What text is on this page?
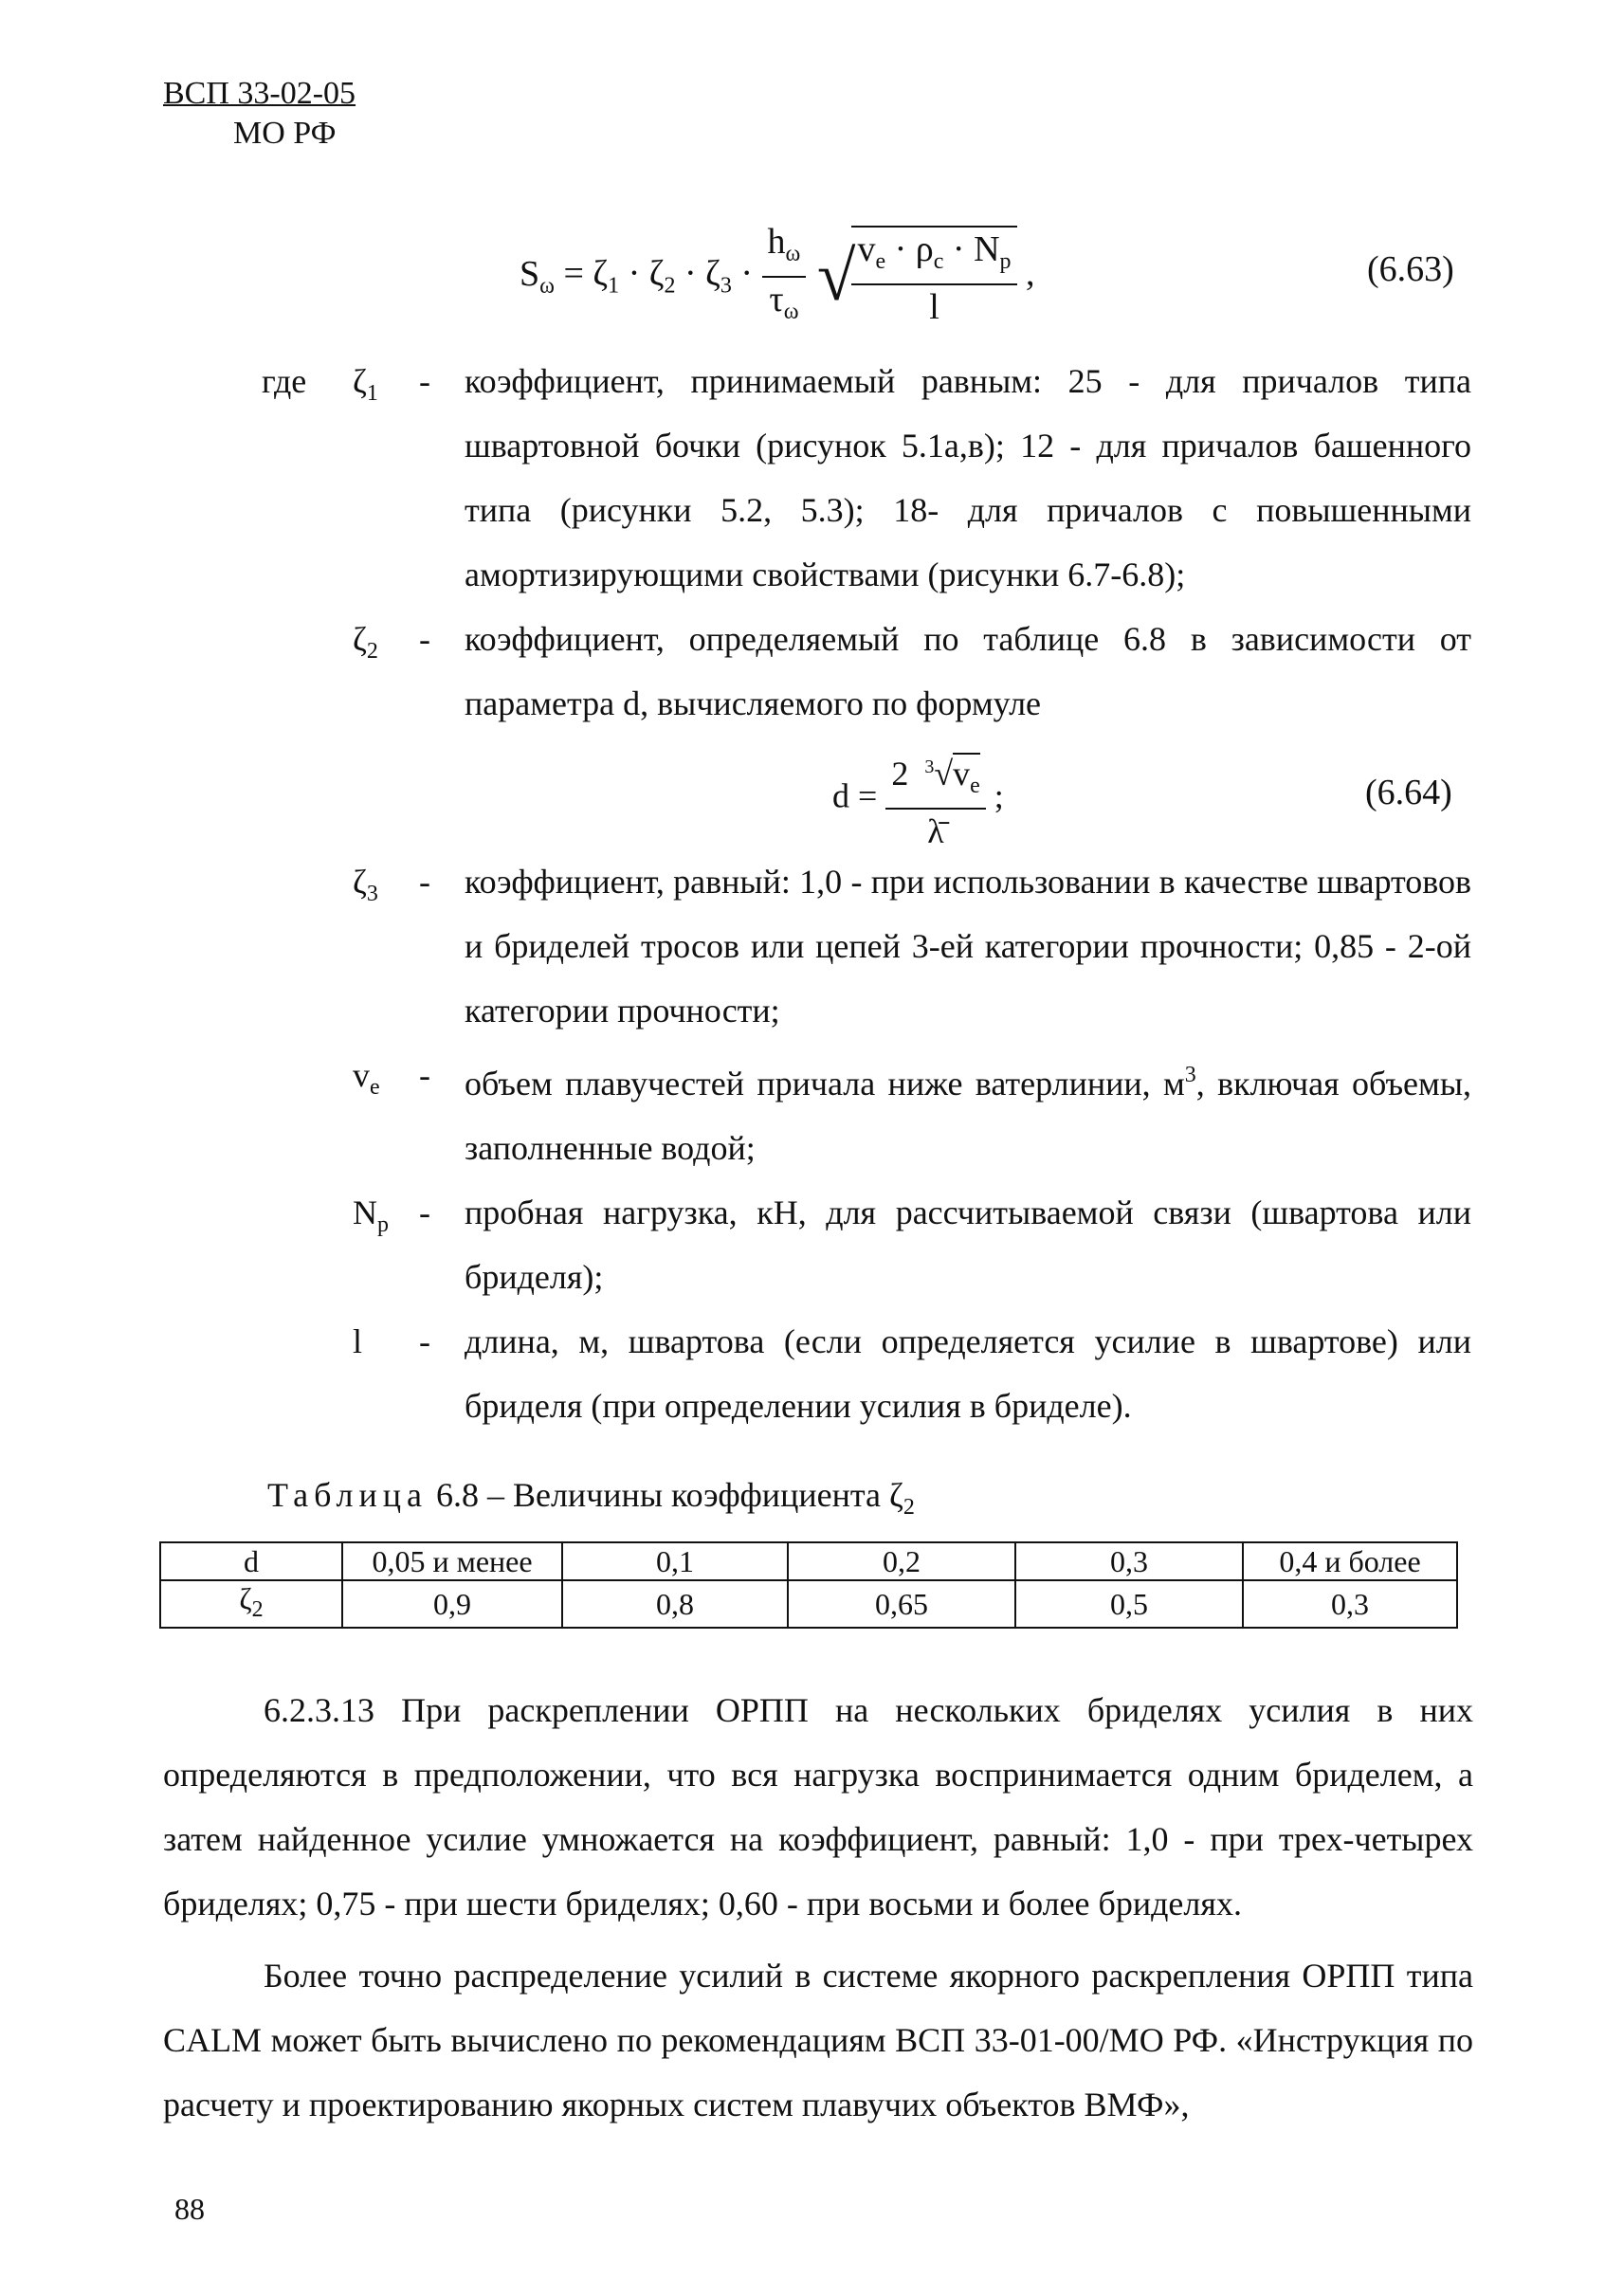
ВСП 33-02-05
МО РФ
$S_\omega = \zeta_1 \cdot \zeta_2 \cdot \zeta_3 \cdot \frac{h_\omega}{\tau_\omega}$ √
$\frac{v_e \cdot \rho_c \cdot N_p}{l}$ ,	(6.63)
где $\zeta_1$ - коэффициент, принимаемый равным: 25 - для причалов типа швартовной бочки (рисунок 5.1а,в); 12 - для причалов башенного типа (рисунки 5.2, 5.3); 18- для причалов с повышенными амортизирующими свойствами (рисунки 6.7-6.8);
$\zeta_2$ - коэффициент, определяемый по таблице 6.8 в зависимости от параметра d, вычисляемого по формуле
$d = \frac{2 ^3√v_e}{\lambdā}$ ;	(6.64)
$\zeta_3$ - коэффициент, равный: 1,0 - при использовании в качестве швартовов и бриделей тросов или цепей 3-ей категории прочности; 0,85 - 2-ой категории прочности;
$v_e$ - объем плавучестей причала ниже ватерлинии, $м^3$, включая объемы, заполненные водой;
$N_p$ - пробная нагрузка, кН, для рассчитываемой связи (швартова или бриделя);
l - длина, м, швартова (если определяется усилие в швартове) или бриделя (при определении усилия в бриделе).
Таблица 6.8 – Величины коэффициента $\zeta_2$
d	0,05 и менее	0,1	0,2	0,3	0,4 и более
$\zeta_2$	0,9	0,8	0,65	0,5	0,3
6.2.3.13 При раскреплении ОРПП на нескольких бриделях усилия в них определяются в предположении, что вся нагрузка воспринимается одним бриделем, а затем найденное усилие умножается на коэффициент, равный: 1,0 - при трех-четырех бриделях; 0,75 - при шести бриделях; 0,60 - при восьми и более бриделях.
Более точно распределение усилий в системе якорного раскрепления ОРПП типа CALM может быть вычислено по рекомендациям ВСП 33-01-00/МО РФ. «Инструкция по расчету и проектированию якорных систем плавучих объектов ВМФ»,
88
